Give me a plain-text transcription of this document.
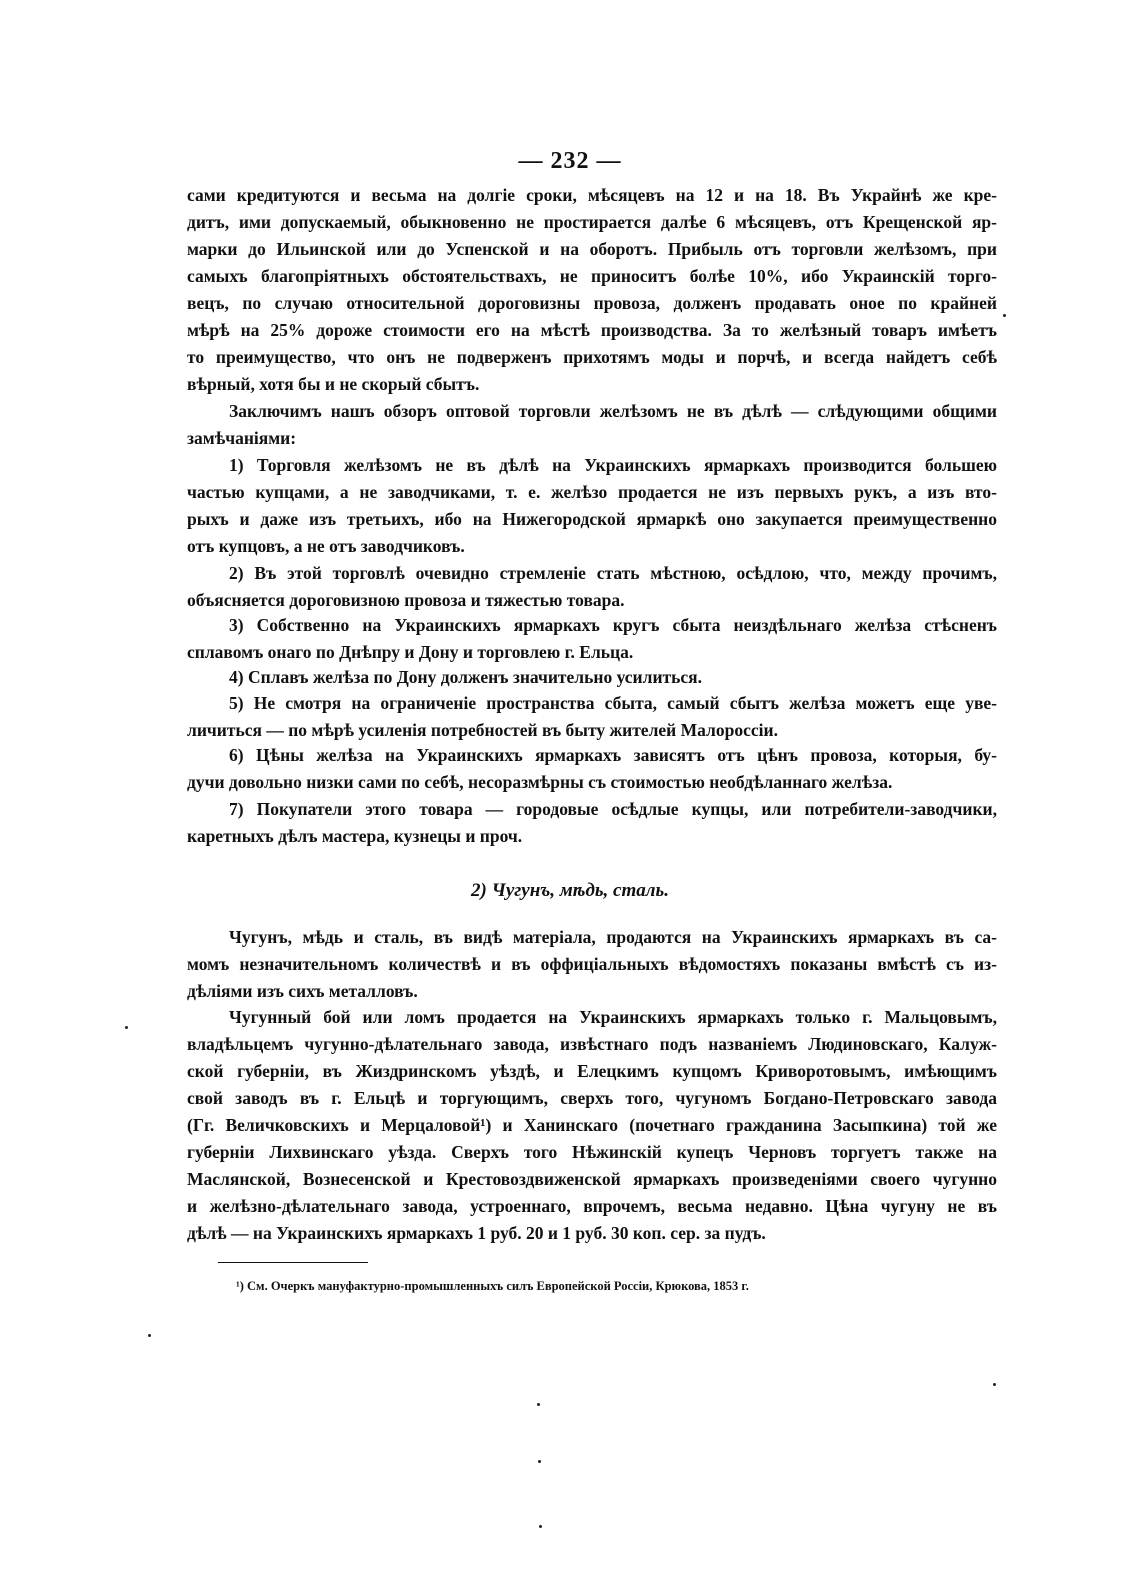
— 232 —
сами кредитуются и весьма на долгіе сроки, мѣсяцевъ на 12 и на 18. Въ Украйнѣ же кре-
дитъ, ими допускаемый, обыкновенно не простирается далѣе 6 мѣсяцевъ, отъ Крещенской яр-
марки до Ильинской или до Успенской и на оборотъ. Прибыль отъ торговли желѣзомъ, при
самыхъ благопріятныхъ обстоятельствахъ, не приноситъ болѣе 10%, ибо Украинскій торго-
вецъ, по случаю относительной дороговизны провоза, долженъ продавать оное по крайней
мѣрѣ на 25% дороже стоимости его на мѣстѣ производства. За то желѣзный товаръ имѣетъ
то преимущество, что онъ не подверженъ прихотямъ моды и порчѣ, и всегда найдетъ себѣ
вѣрный, хотя бы и не скорый сбытъ.
Заключимъ нашъ обзоръ оптовой торговли желѣзомъ не въ дѣлѣ — слѣдующими общими
замѣчаніями:
1) Торговля желѣзомъ не въ дѣлѣ на Украинскихъ ярмаркахъ производится большею
частью купцами, а не заводчиками, т. е. желѣзо продается не изъ первыхъ рукъ, а изъ вто-
рыхъ и даже изъ третьихъ, ибо на Нижегородской ярмаркѣ оно закупается преимущественно
отъ купцовъ, а не отъ заводчиковъ.
2) Въ этой торговлѣ очевидно стремленіе стать мѣстною, осѣдлою, что, между прочимъ,
объясняется дороговизною провоза и тяжестью товара.
3) Собственно на Украинскихъ ярмаркахъ кругъ сбыта неиздѣльнаго желѣза стѣсненъ
сплавомъ онаго по Днѣпру и Дону и торговлею г. Ельца.
4) Сплавъ желѣза по Дону долженъ значительно усилиться.
5) Не смотря на ограниченіе пространства сбыта, самый сбытъ желѣза можетъ еще уве-
личиться — по мѣрѣ усиленія потребностей въ быту жителей Малороссіи.
6) Цѣны желѣза на Украинскихъ ярмаркахъ зависятъ отъ цѣнъ провоза, которыя, бу-
дучи довольно низки сами по себѣ, несоразмѣрны съ стоимостью необдѣланнаго желѣза.
7) Покупатели этого товара — городовые осѣдлые купцы, или потребители-заводчики,
каретныхъ дѣлъ мастера, кузнецы и проч.
2) Чугунъ, мѣдь, сталь.
Чугунъ, мѣдь и сталь, въ видѣ матеріала, продаются на Украинскихъ ярмаркахъ въ са-
момъ незначительномъ количествѣ и въ оффиціальныхъ вѣдомостяхъ показаны вмѣстѣ съ из-
дѣліями изъ сихъ металловъ.
Чугунный бой или ломъ продается на Украинскихъ ярмаркахъ только г. Мальцовымъ,
владѣльцемъ чугунно-дѣлательнаго завода, извѣстнаго подъ названіемъ Людиновскаго, Калуж-
ской губерніи, въ Жиздринскомъ уѣздѣ, и Елецкимъ купцомъ Криворотовымъ, имѣющимъ
свой заводъ въ г. Ельцѣ и торгующимъ, сверхъ того, чугуномъ Богдано-Петровскаго завода
(Гг. Величковскихъ и Мерцаловой¹) и Ханинскаго (почетнаго гражданина Засыпкина) той же
губерніи Лихвинскаго уѣзда. Сверхъ того Нѣжинскій купецъ Черновъ торгуетъ также на
Маслянской, Вознесенской и Крестовоздвиженской ярмаркахъ произведеніями своего чугунно
и желѣзно-дѣлательнаго завода, устроеннаго, впрочемъ, весьма недавно. Цѣна чугуну не въ
дѣлѣ — на Украинскихъ ярмаркахъ 1 руб. 20 и 1 руб. 30 коп. сер. за пудъ.
¹) См. Очеркъ мануфактурно-промышленныхъ силъ Европейской Россіи, Крюкова, 1853 г.
